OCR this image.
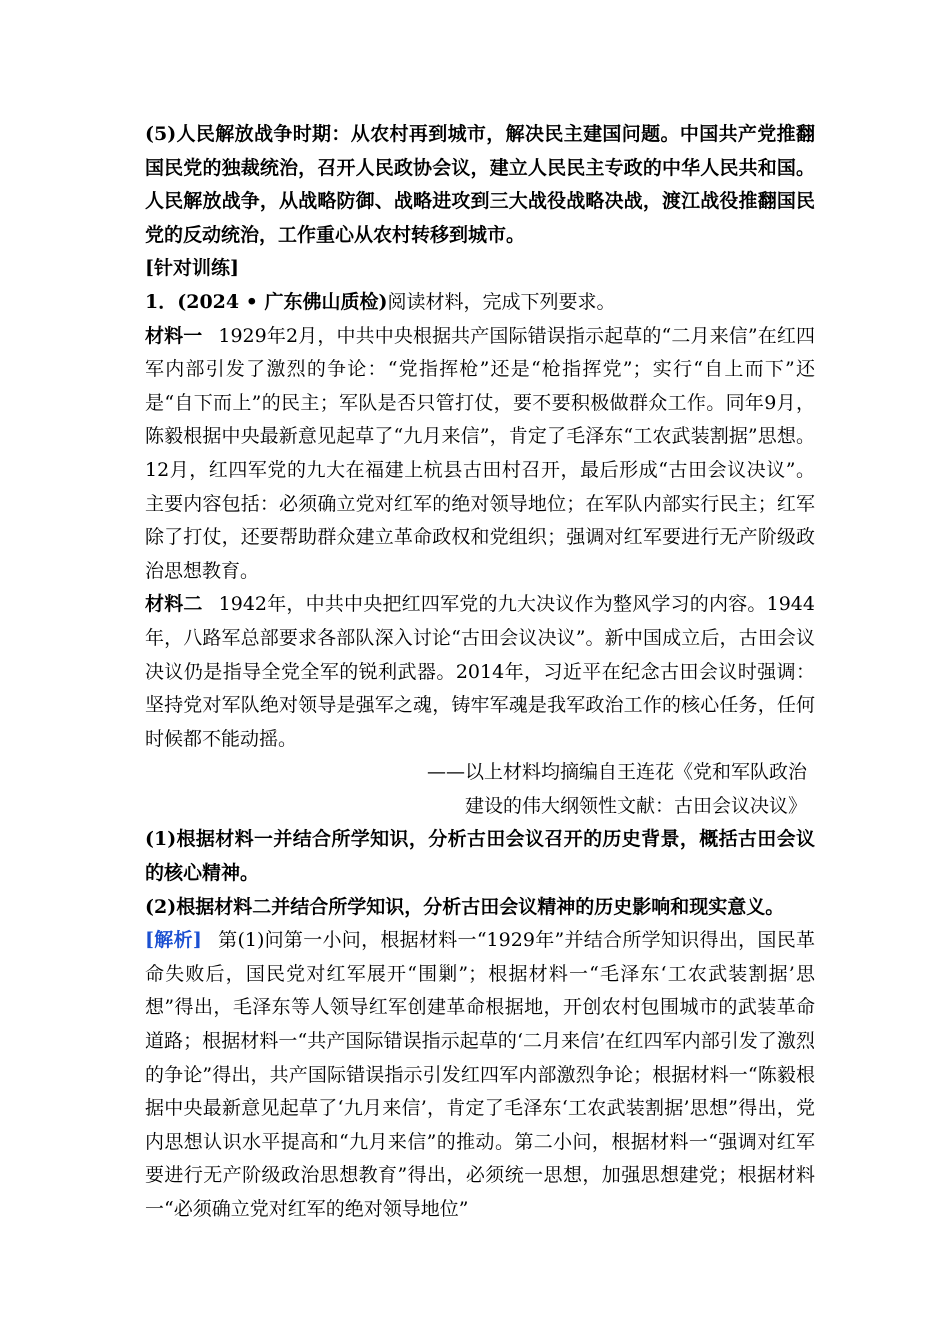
(5)人民解放战争时期：从农村再到城市，解决民主建国问题。中国共产党推翻国民党的独裁统治，召开人民政协会议，建立人民民主专政的中华人民共和国。人民解放战争，从战略防御、战略进攻到三大战役战略决战，渡江战役推翻国民党的反动统治，工作重心从农村转移到城市。

[针对训练]

1．(2024 • 广东佛山质检)阅读材料，完成下列要求。

材料一 1929年2月，中共中央根据共产国际错误指示起草的“二月来信”在红四军内部引发了激烈的争论：“党指挥枪”还是“枪指挥党”；实行“自上而下”还是“自下而上”的民主；军队是否只管打仗，要不要积极做群众工作。同年9月，陈毅根据中央最新意见起草了“九月来信”，肯定了毛泽东“工农武装割据”思想。12月，红四军党的九大在福建上杭县古田村召开，最后形成“古田会议决议”。主要内容包括：必须确立党对红军的绝对领导地位；在军队内部实行民主；红军除了打仗，还要帮助群众建立革命政权和党组织；强调对红军要进行无产阶级政治思想教育。

材料二 1942年，中共中央把红四军党的九大决议作为整风学习的内容。1944年，八路军总部要求各部队深入讨论“古田会议决议”。新中国成立后，古田会议决议仍是指导全党全军的锐利武器。2014年，习近平在纪念古田会议时强调：坚持党对军队绝对领导是强军之魂，铸牢军魂是我军政治工作的核心任务，任何时候都不能动摇。

——以上材料均摘编自王连花《党和军队政治

建设的伟大纲领性文献：古田会议决议》

(1)根据材料一并结合所学知识，分析古田会议召开的历史背景，概括古田会议的核心精神。

(2)根据材料二并结合所学知识，分析古田会议精神的历史影响和现实意义。

[解析] 第(1)问第一小问，根据材料一“1929年”并结合所学知识得出，国民革命失败后，国民党对红军展开“围剿”；根据材料一“毛泽东‘工农武装割据’思想”得出，毛泽东等人领导红军创建革命根据地，开创农村包围城市的武装革命道路；根据材料一“共产国际错误指示起草的‘二月来信’在红四军内部引发了激烈的争论”得出，共产国际错误指示引发红四军内部激烈争论；根据材料一“陈毅根据中央最新意见起草了‘九月来信’，肯定了毛泽东‘工农武装割据’思想”得出，党内思想认识水平提高和“九月来信”的推动。第二小问，根据材料一“强调对红军要进行无产阶级政治思想教育”得出，必须统一思想，加强思想建党；根据材料一“必须确立党对红军的绝对领导地位”
